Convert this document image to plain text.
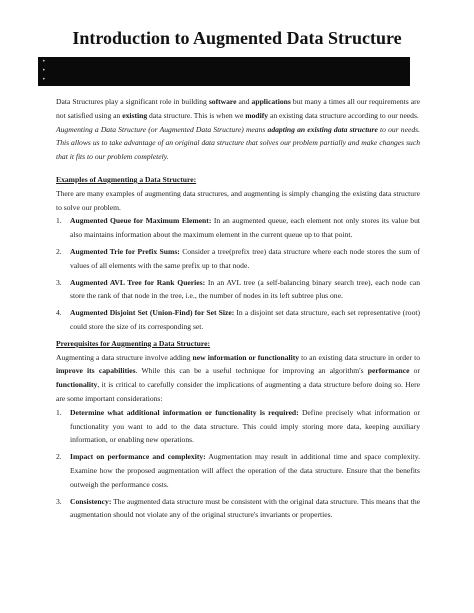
Introduction to Augmented Data Structure
•
•
•

Data Structures play a significant role in building software and applications but many a times all our requirements are not satisfied using an existing data structure. This is when we modify an existing data structure according to our needs.

Augmenting a Data Structure (or Augmented Data Structure) means adapting an existing data structure to our needs. This allows us to take advantage of an original data structure that solves our problem partially and make changes such that it fits to our problem completely.

Examples of Augmenting a Data Structure:

There are many examples of augmenting data structures, and augmenting is simply changing the existing data structure to solve our problem.

1. Augmented Queue for Maximum Element: In an augmented queue, each element not only stores its value but also maintains information about the maximum element in the current queue up to that point.
2. Augmented Trie for Prefix Sums: Consider a tree(prefix tree) data structure where each node stores the sum of values of all elements with the same prefix up to that node.
3. Augmented AVL Tree for Rank Queries: In an AVL tree (a self-balancing binary search tree), each node can store the rank of that node in the tree, i.e., the number of nodes in its left subtree plus one.
4. Augmented Disjoint Set (Union-Find) for Set Size: In a disjoint set data structure, each set representative (root) could store the size of its corresponding set.

Prerequisites for Augmenting a Data Structure:

Augmenting a data structure involve adding new information or functionality to an existing data structure in order to improve its capabilities. While this can be a useful technique for improving an algorithm's performance or functionality, it is critical to carefully consider the implications of augmenting a data structure before doing so. Here are some important considerations:

1. Determine what additional information or functionality is required: Define precisely what information or functionality you want to add to the data structure. This could imply storing more data, keeping auxiliary information, or enabling new operations.
2. Impact on performance and complexity: Augmentation may result in additional time and space complexity. Examine how the proposed augmentation will affect the operation of the data structure. Ensure that the benefits outweigh the performance costs.
3. Consistency: The augmented data structure must be consistent with the original data structure. This means that the augmentation should not violate any of the original structure's invariants or properties.
